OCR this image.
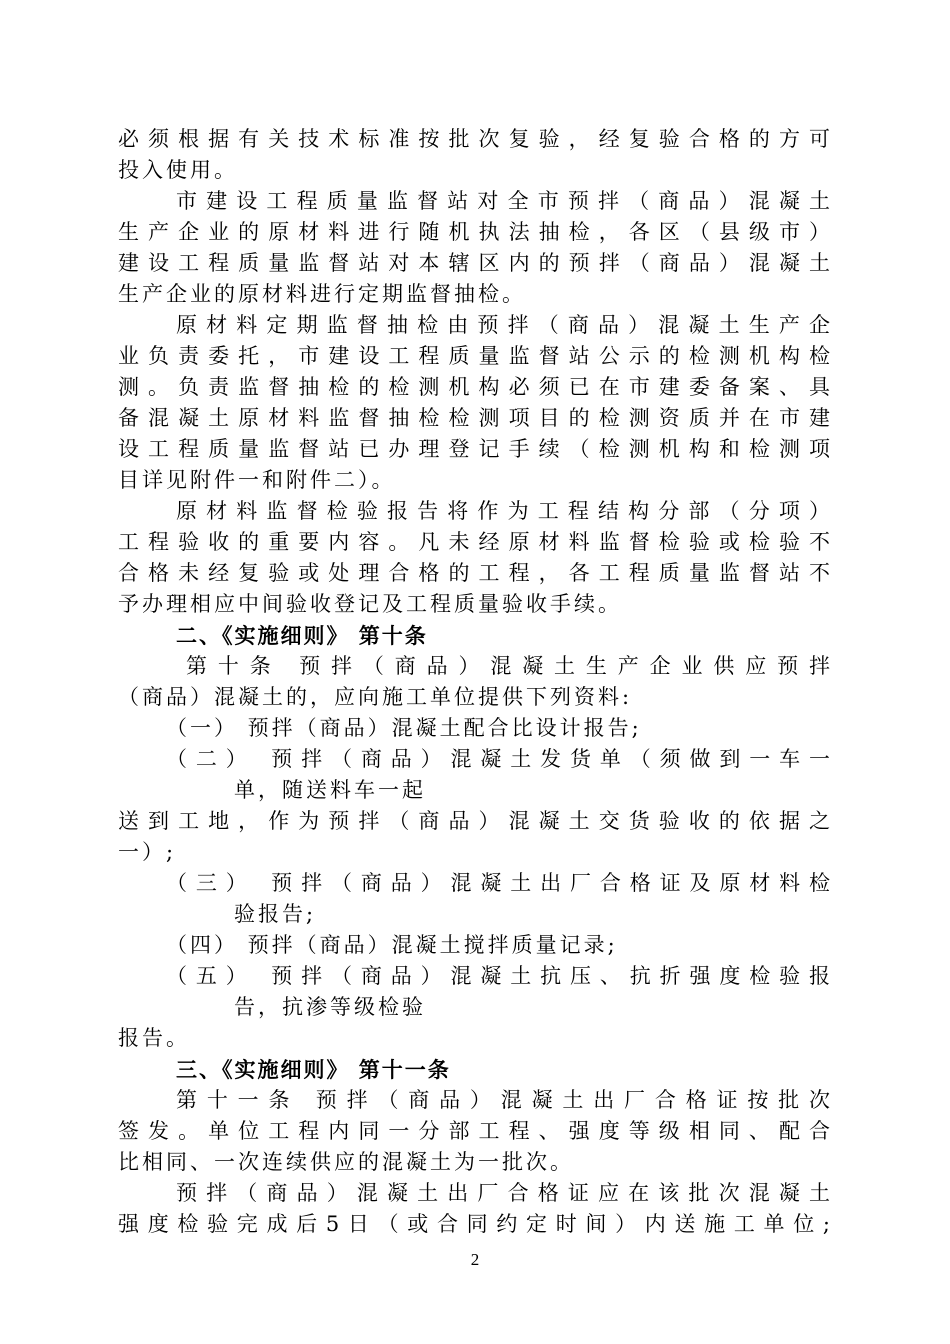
必须根据有关技术标准按批次复验，经复验合格的方可
投入使用。
市建设工程质量监督站对全市预拌（商品）混凝土
生产企业的原材料进行随机执法抽检，各区（县级市）
建设工程质量监督站对本辖区内的预拌（商品）混凝土
生产企业的原材料进行定期监督抽检。
原材料定期监督抽检由预拌（商品）混凝土生产企
业负责委托，市建设工程质量监督站公示的检测机构检
测。负责监督抽检的检测机构必须已在市建委备案、具
备混凝土原材料监督抽检检测项目的检测资质并在市建
设工程质量监督站已办理登记手续（检测机构和检测项
目详见附件一和附件二）。
原材料监督检验报告将作为工程结构分部（分项）
工程验收的重要内容。凡未经原材料监督检验或检验不
合格未经复验或处理合格的工程，各工程质量监督站不
予办理相应中间验收登记及工程质量验收手续。
二、《实施细则》 第十条
第十条 预拌（商品）混凝土生产企业供应预拌
（商品）混凝土的，应向施工单位提供下列资料:
（一） 预拌（商品）混凝土配合比设计报告;
（二） 预拌（商品）混凝土发货单（须做到一车一
单，随送料车一起
送到工地，作为预拌（商品）混凝土交货验收的依据之
一）;
（三） 预拌（商品）混凝土出厂合格证及原材料检
验报告;
（四） 预拌（商品）混凝土搅拌质量记录;
（五） 预拌（商品）混凝土抗压、抗折强度检验报
告，抗渗等级检验
报告。
三、《实施细则》 第十一条
第十一条 预拌（商品）混凝土出厂合格证按批次
签发。单位工程内同一分部工程、强度等级相同、配合
比相同、一次连续供应的混凝土为一批次。
预拌（商品）混凝土出厂合格证应在该批次混凝土
强度检验完成后5日（或合同约定时间）内送施工单位;
2
